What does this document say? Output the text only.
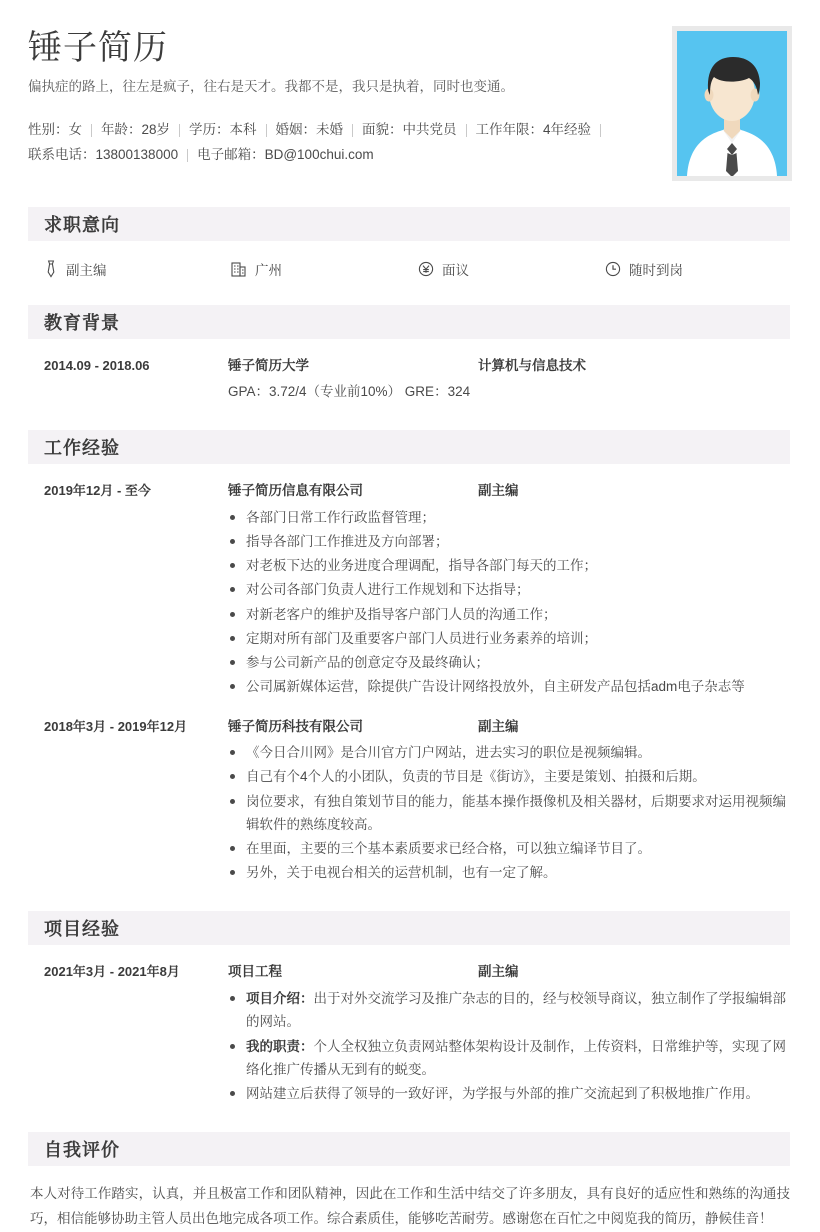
锤子简历

偏执症的路上，往左是疯子，往右是天才。我都不是，我只是执着，同时也变通。

性别：女 年龄：28岁 学历：本科 婚姻：未婚 面貌：中共党员 工作年限：4年经验
联系电话：13800138000 电子邮箱：BD@100chui.com
求职意向
副主编	广州	面议	随时到岗
教育背景
2014.09 - 2018.06	锤子简历大学	计算机与信息技术
GPA：3.72/4（专业前10%） GRE：324
工作经验
2019年12月 - 至今	锤子简历信息有限公司	副主编
各部门日常工作行政监督管理；
指导各部门工作推进及方向部署；
对老板下达的业务进度合理调配，指导各部门每天的工作；
对公司各部门负责人进行工作规划和下达指导；
对新老客户的维护及指导客户部门人员的沟通工作；
定期对所有部门及重要客户部门人员进行业务素养的培训；
参与公司新产品的创意定夺及最终确认；
公司属新媒体运营，除提供广告设计网络投放外，自主研发产品包括adm电子杂志等
2018年3月 - 2019年12月	锤子简历科技有限公司	副主编
《今日合川网》是合川官方门户网站，进去实习的职位是视频编辑。
自己有个4个人的小团队，负责的节目是《街访》，主要是策划、拍摄和后期。
岗位要求，有独自策划节目的能力，能基本操作摄像机及相关器材，后期要求对运用视频编辑软件的熟练度较高。
在里面，主要的三个基本素质要求已经合格，可以独立编译节目了。
另外，关于电视台相关的运营机制，也有一定了解。
项目经验
2021年3月 - 2021年8月	项目工程	副主编
项目介绍：出于对外交流学习及推广杂志的目的，经与校领导商议，独立制作了学报编辑部的网站。
我的职责：个人全权独立负责网站整体架构设计及制作，上传资料，日常维护等，实现了网络化推广传播从无到有的蜕变。
网站建立后获得了领导的一致好评，为学报与外部的推广交流起到了积极地推广作用。
自我评价

本人对待工作踏实，认真，并且极富工作和团队精神，因此在工作和生活中结交了许多朋友，具有良好的适应性和熟练的沟通技巧，相信能够协助主管人员出色地完成各项工作。综合素质佳，能够吃苦耐劳。感谢您在百忙之中阅览我的简历，静候佳音！
